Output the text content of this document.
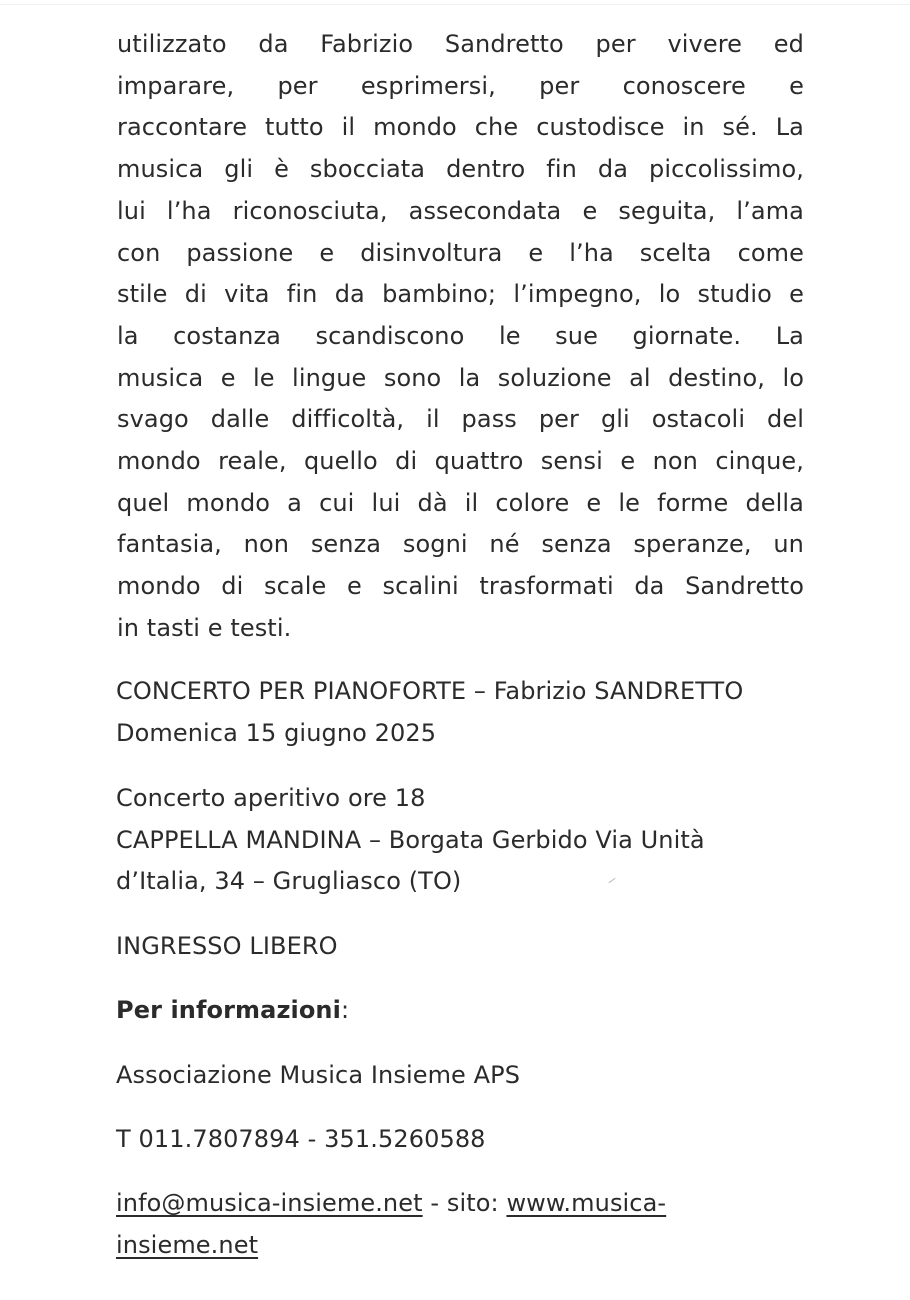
utilizzato da Fabrizio Sandretto per vivere ed
imparare, per esprimersi, per conoscere e
raccontare tutto il mondo che custodisce in sé. La
musica gli è sbocciata dentro fin da piccolissimo,
lui l’ha riconosciuta, assecondata e seguita, l’ama
con passione e disinvoltura e l’ha scelta come
stile di vita fin da bambino; l’impegno, lo studio e
la costanza scandiscono le sue giornate. La
musica e le lingue sono la soluzione al destino, lo
svago dalle difficoltà, il pass per gli ostacoli del
mondo reale, quello di quattro sensi e non cinque,
quel mondo a cui lui dà il colore e le forme della
fantasia, non senza sogni né senza speranze, un
mondo di scale e scalini trasformati da Sandretto
in tasti e testi.
CONCERTO PER PIANOFORTE – Fabrizio SANDRETTO
Domenica 15 giugno 2025
Concerto aperitivo ore 18
CAPPELLA MANDINA – Borgata Gerbido Via Unità
d’Italia, 34 – Grugliasco (TO)
INGRESSO LIBERO
Per informazioni:
Associazione Musica Insieme APS
T 011.7807894 - 351.5260588
info@musica-insieme.net - sito: www.musica-
insieme.net
